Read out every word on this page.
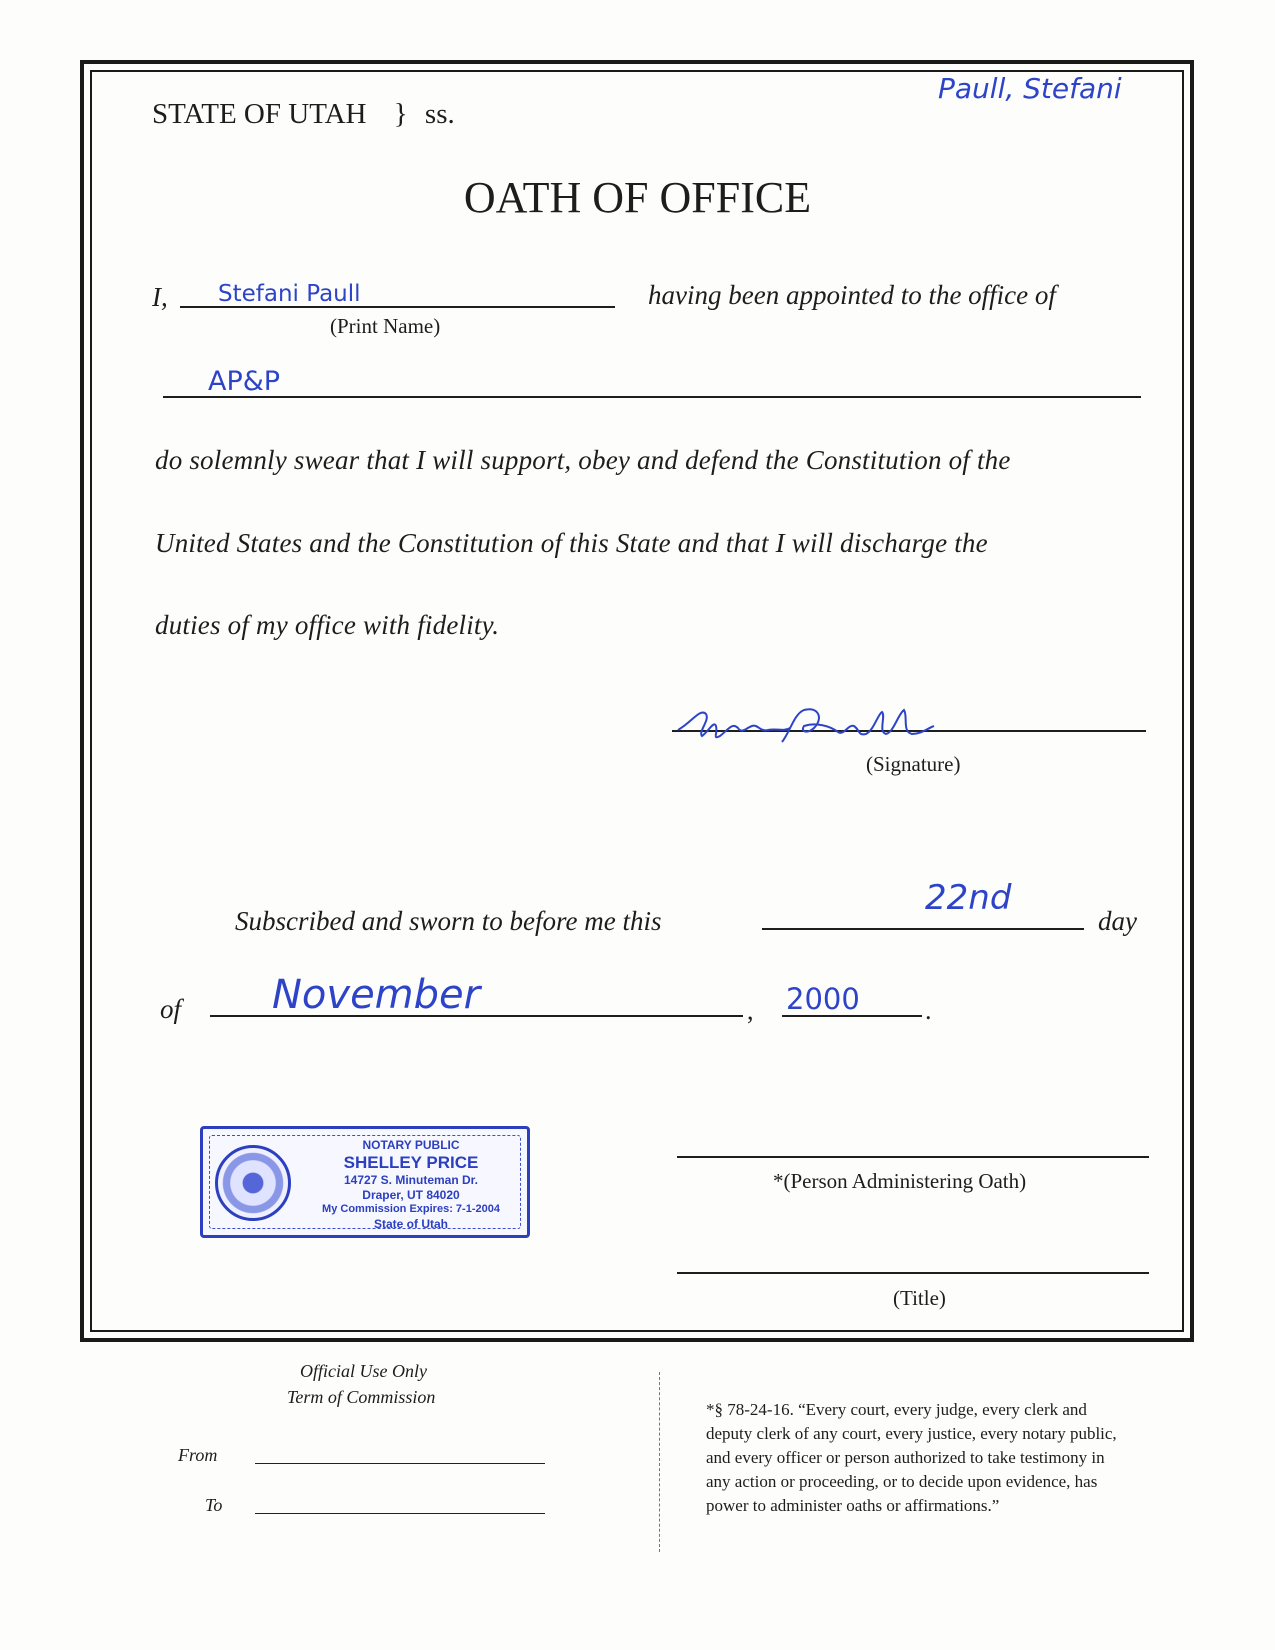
STATE OF UTAH } ss.
Paull, Stefani
OATH OF OFFICE
I, Stefani Paull
(Print Name)
having been appointed to the office of
AP&P
do solemnly swear that I will support, obey and defend the Constitution of the
United States and the Constitution of this State and that I will discharge the
duties of my office with fidelity.
(Signature)
Subscribed and sworn to before me this
22nd
day
of November	, 2000	.
NOTARY PUBLIC
SHELLEY PRICE
14727 S. Minuteman Dr.
Draper, UT 84020
My Commission Expires: 7-1-2004
State of Utah
*(Person Administering Oath)
(Title)
Official Use Only
Term of Commission
From
To
*§ 78-24-16. “Every court, every judge, every clerk and
deputy clerk of any court, every justice, every notary public,
and every officer or person authorized to take testimony in
any action or proceeding, or to decide upon evidence, has
power to administer oaths or affirmations.”
